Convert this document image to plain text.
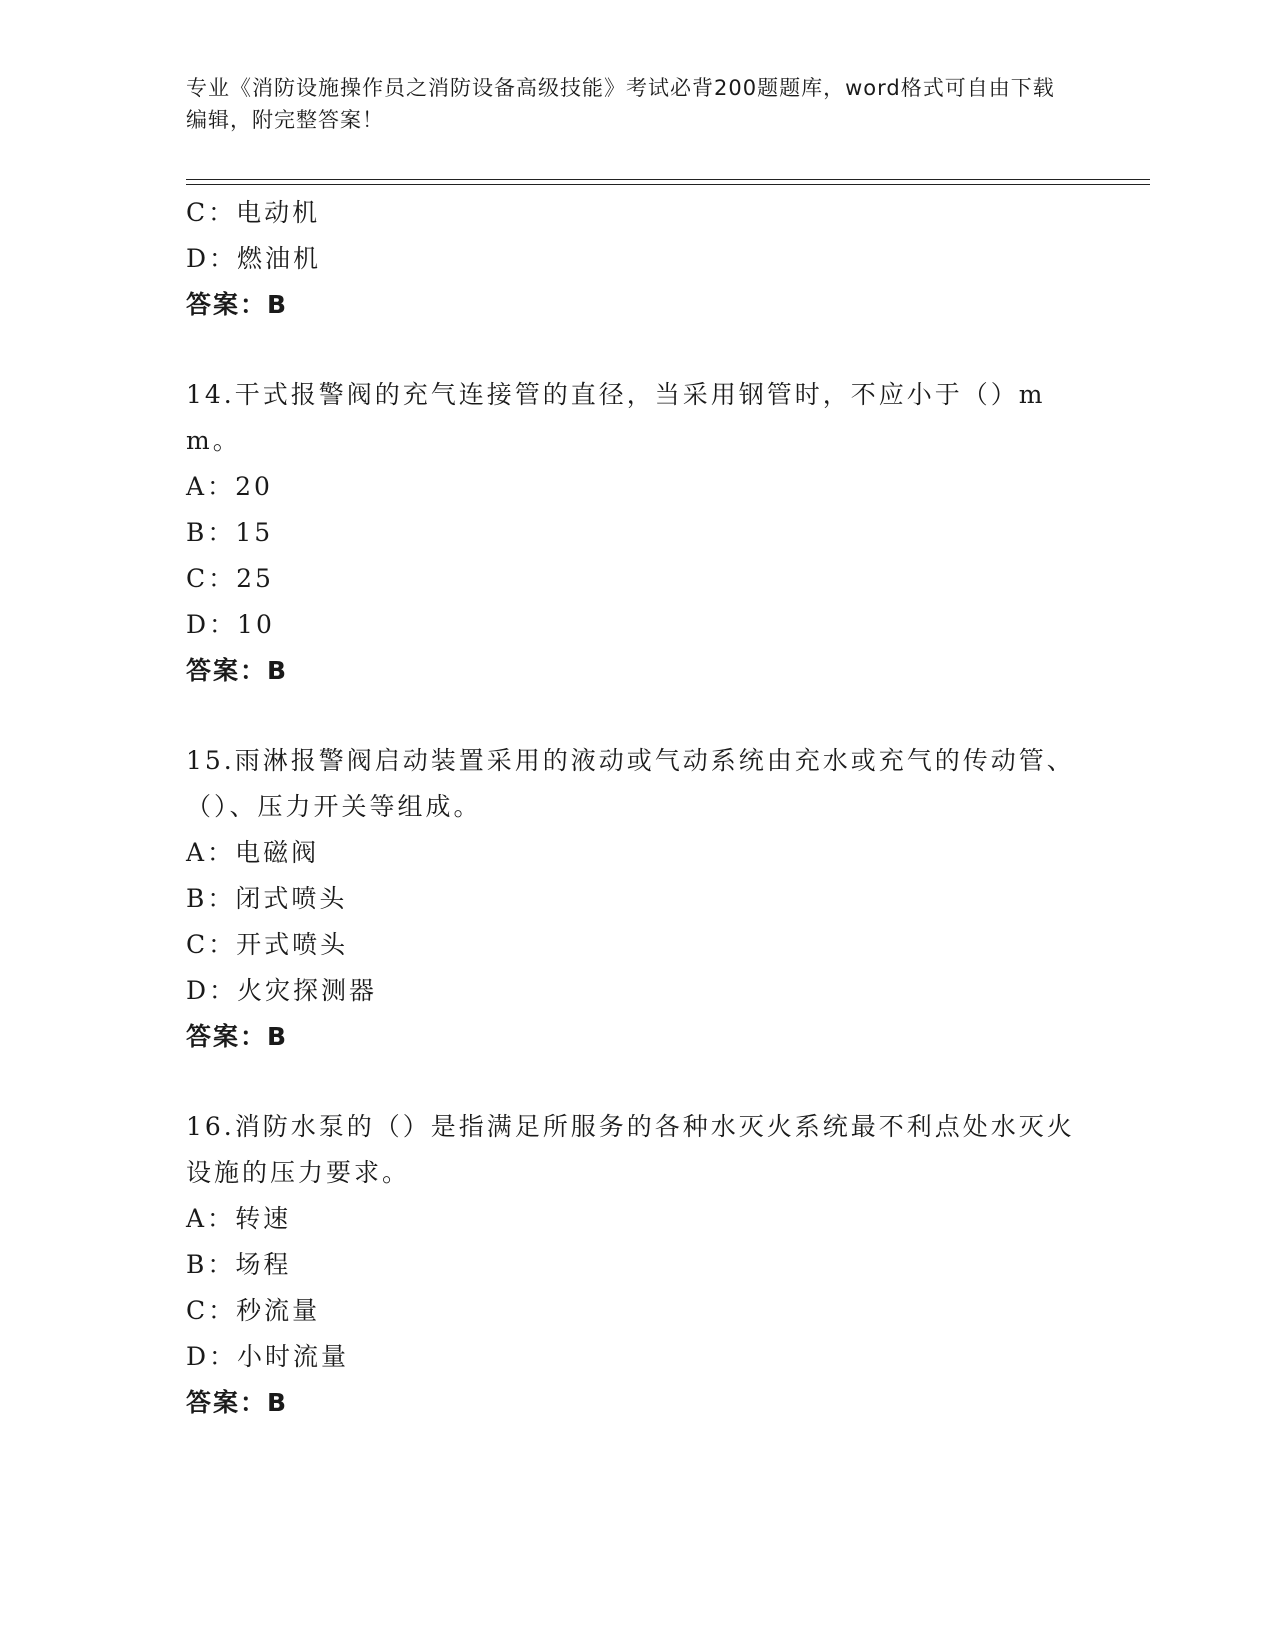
专业《消防设施操作员之消防设备高级技能》考试必背200题题库，word格式可自由下载编辑，附完整答案！
C：电动机
D：燃油机
答案：B
14.干式报警阀的充气连接管的直径，当采用钢管时，不应小于（）mm。
A：20
B：15
C：25
D：10
答案：B
15.雨淋报警阀启动装置采用的液动或气动系统由充水或充气的传动管、（）、压力开关等组成。
A：电磁阀
B：闭式喷头
C：开式喷头
D：火灾探测器
答案：B
16.消防水泵的（）是指满足所服务的各种水灭火系统最不利点处水灭火设施的压力要求。
A：转速
B：场程
C：秒流量
D：小时流量
答案：B
